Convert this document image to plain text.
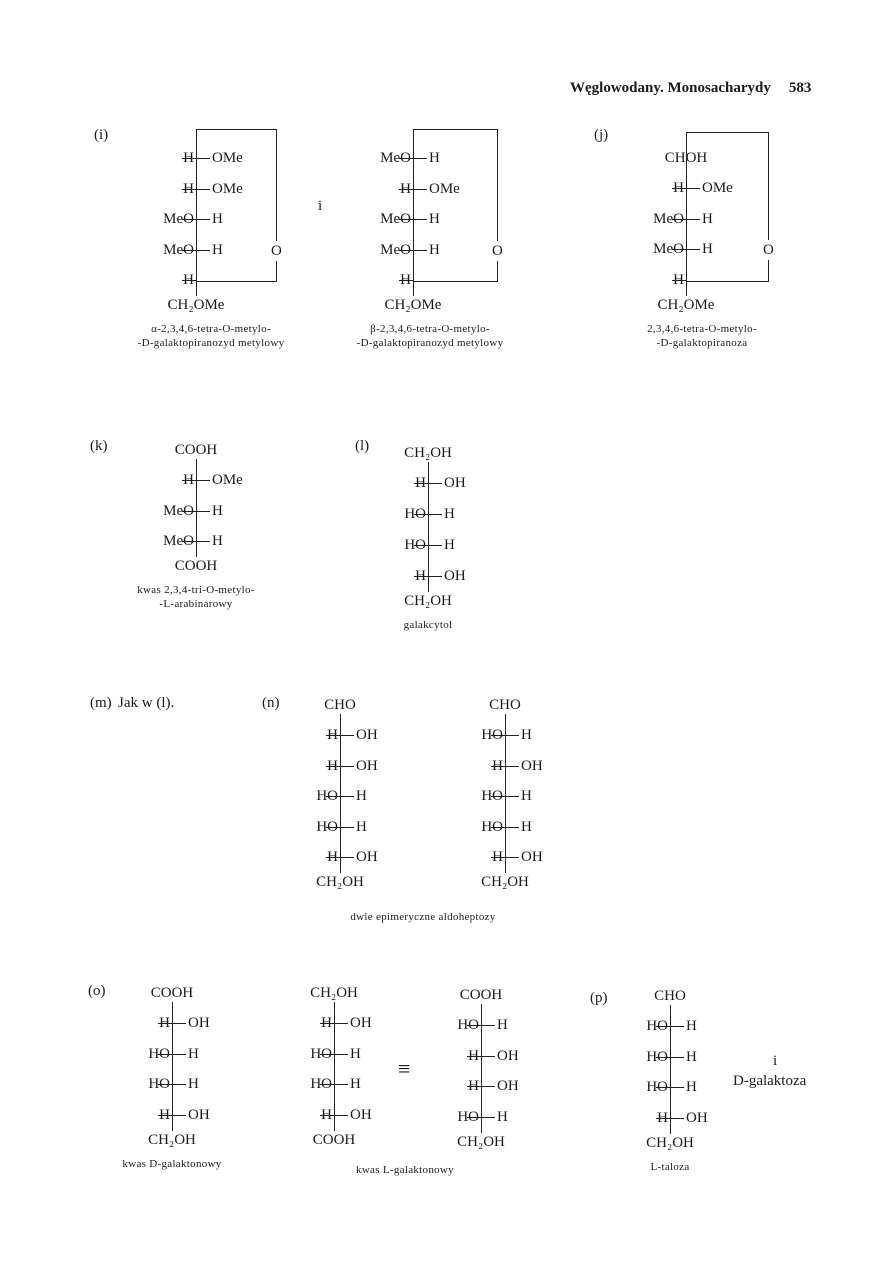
Węglowodany. Monosacharydy 583
(i)	(j)
(k)	(l)
(m) Jak w (l).	(n)
(o)	(p)
i
i
D-galaktoza
≡
CH₂OMe
H OMe
H OMe
MeO H
MeO H
H
O
α-2,3,4,6-tetra-O-metylo-
-D-galaktopiranozyd metylowy
CH₂OMe
MeO H
H OMe
MeO H
MeO H
H
O
β-2,3,4,6-tetra-O-metylo-
-D-galaktopiranozyd metylowy
CHOH
CH₂OMe
H OMe
MeO H
MeO H
H
O
2,3,4,6-tetra-O-metylo-
-D-galaktopiranoza
COOH
COOH
H OMe
MeO H
MeO H
kwas 2,3,4-tri-O-metylo-
-L-arabinarowy
CH₂OH
CH₂OH
H OH
HO H
HO H
H OH
galakcytol
CHO
CH₂OH
H OH
H OH
HO H
HO H
H OH
CHO
CH₂OH
HO H
H OH
HO H
HO H
H OH
COOH
CH₂OH
H OH
HO H
HO H
H OH
kwas D-galaktonowy
CH₂OH
COOH
H OH
HO H
HO H
H OH
COOH
CH₂OH
HO H
H OH
H OH
HO H
CHO
CH₂OH
HO H
HO H
HO H
H OH
L-taloza
dwie epimeryczne aldoheptozy
kwas L-galaktonowy
